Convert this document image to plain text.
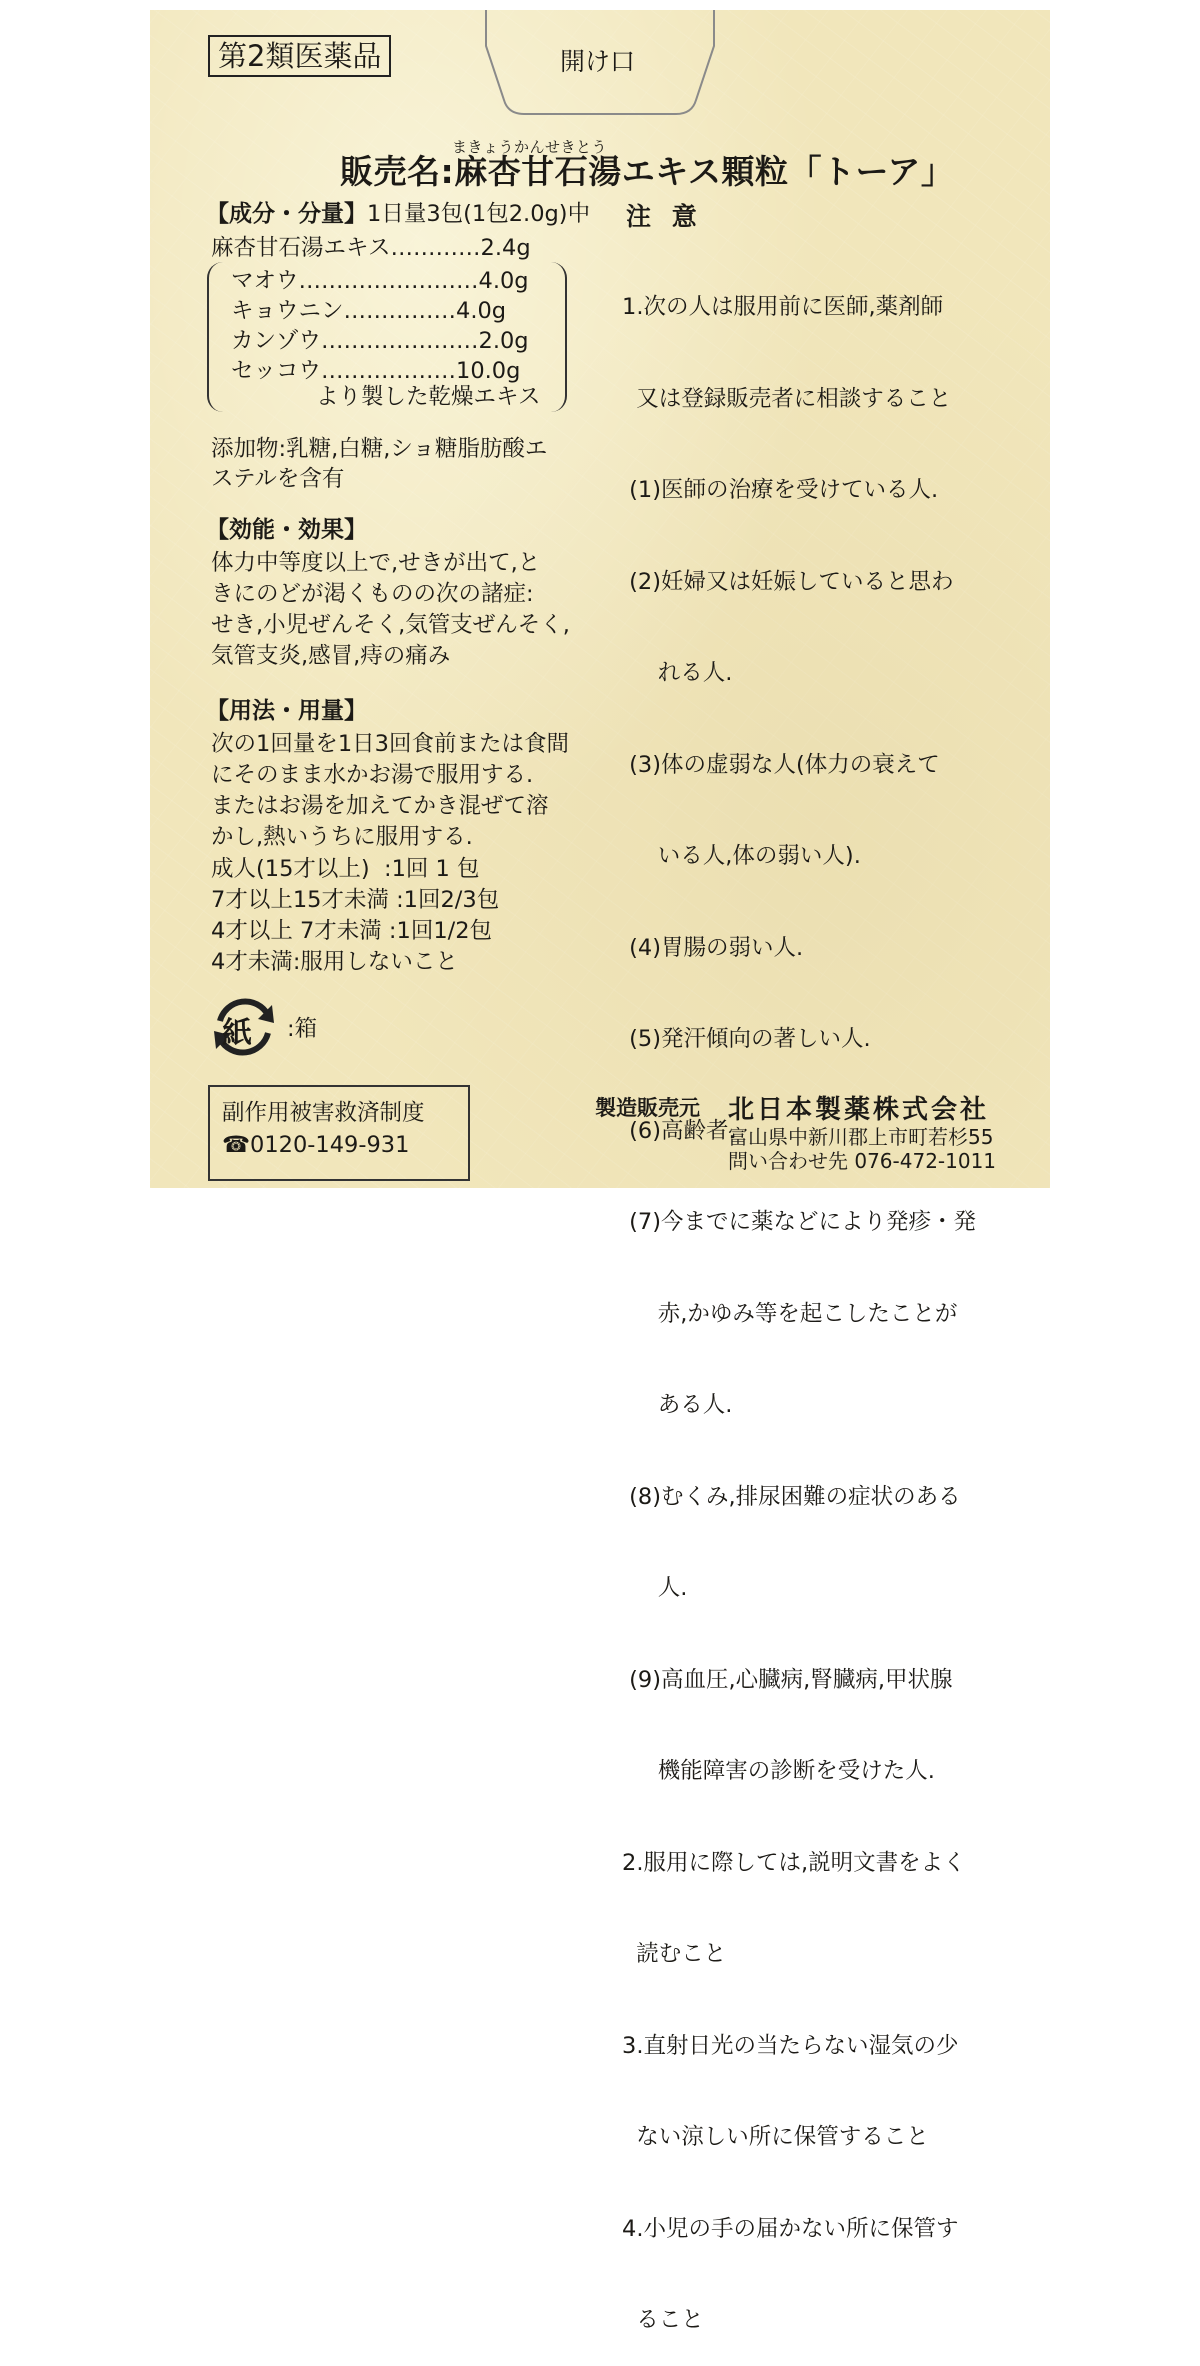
第2類医薬品	開け口
まきょうかんせきとう
販売名:麻杏甘石湯エキス顆粒「トーア」
【成分・分量】1日量3包(1包2.0g)中
麻杏甘石湯エキス…………2.4g
マオウ……………………4.0g
キョウニン……………4.0g
カンゾウ…………………2.0g
セッコウ………………10.0g
より製した乾燥エキス
添加物:乳糖,白糖,ショ糖脂肪酸エ
ステルを含有
【効能・効果】
体力中等度以上で,せきが出て,と
きにのどが渇くものの次の諸症:
せき,小児ぜんそく,気管支ぜんそく,
気管支炎,感冒,痔の痛み
【用法・用量】
次の1回量を1日3回食前または食間
にそのまま水かお湯で服用する.
またはお湯を加えてかき混ぜて溶
かし,熱いうちに服用する.
成人(15才以上)  :1回 1 包
7才以上15才未満 :1回2/3包
4才以上 7才未満 :1回1/2包
4才未満:服用しないこと
紙 :箱
副作用被害救済制度
☎0120-149-931
注 意

1.次の人は服用前に医師,薬剤師

又は登録販売者に相談すること

(1)医師の治療を受けている人.

(2)妊婦又は妊娠していると思わ

れる人.

(3)体の虚弱な人(体力の衰えて

いる人,体の弱い人).

(4)胃腸の弱い人.

(5)発汗傾向の著しい人.

(6)高齢者.

(7)今までに薬などにより発疹・発

赤,かゆみ等を起こしたことが

ある人.

(8)むくみ,排尿困難の症状のある

人.

(9)高血圧,心臓病,腎臓病,甲状腺

機能障害の診断を受けた人.

2.服用に際しては,説明文書をよく

読むこと

3.直射日光の当たらない湿気の少

ない涼しい所に保管すること

4.小児の手の届かない所に保管す

ること

製造販売元 北日本製薬株式会社
富山県中新川郡上市町若杉55
問い合わせ先 076-472-1011
